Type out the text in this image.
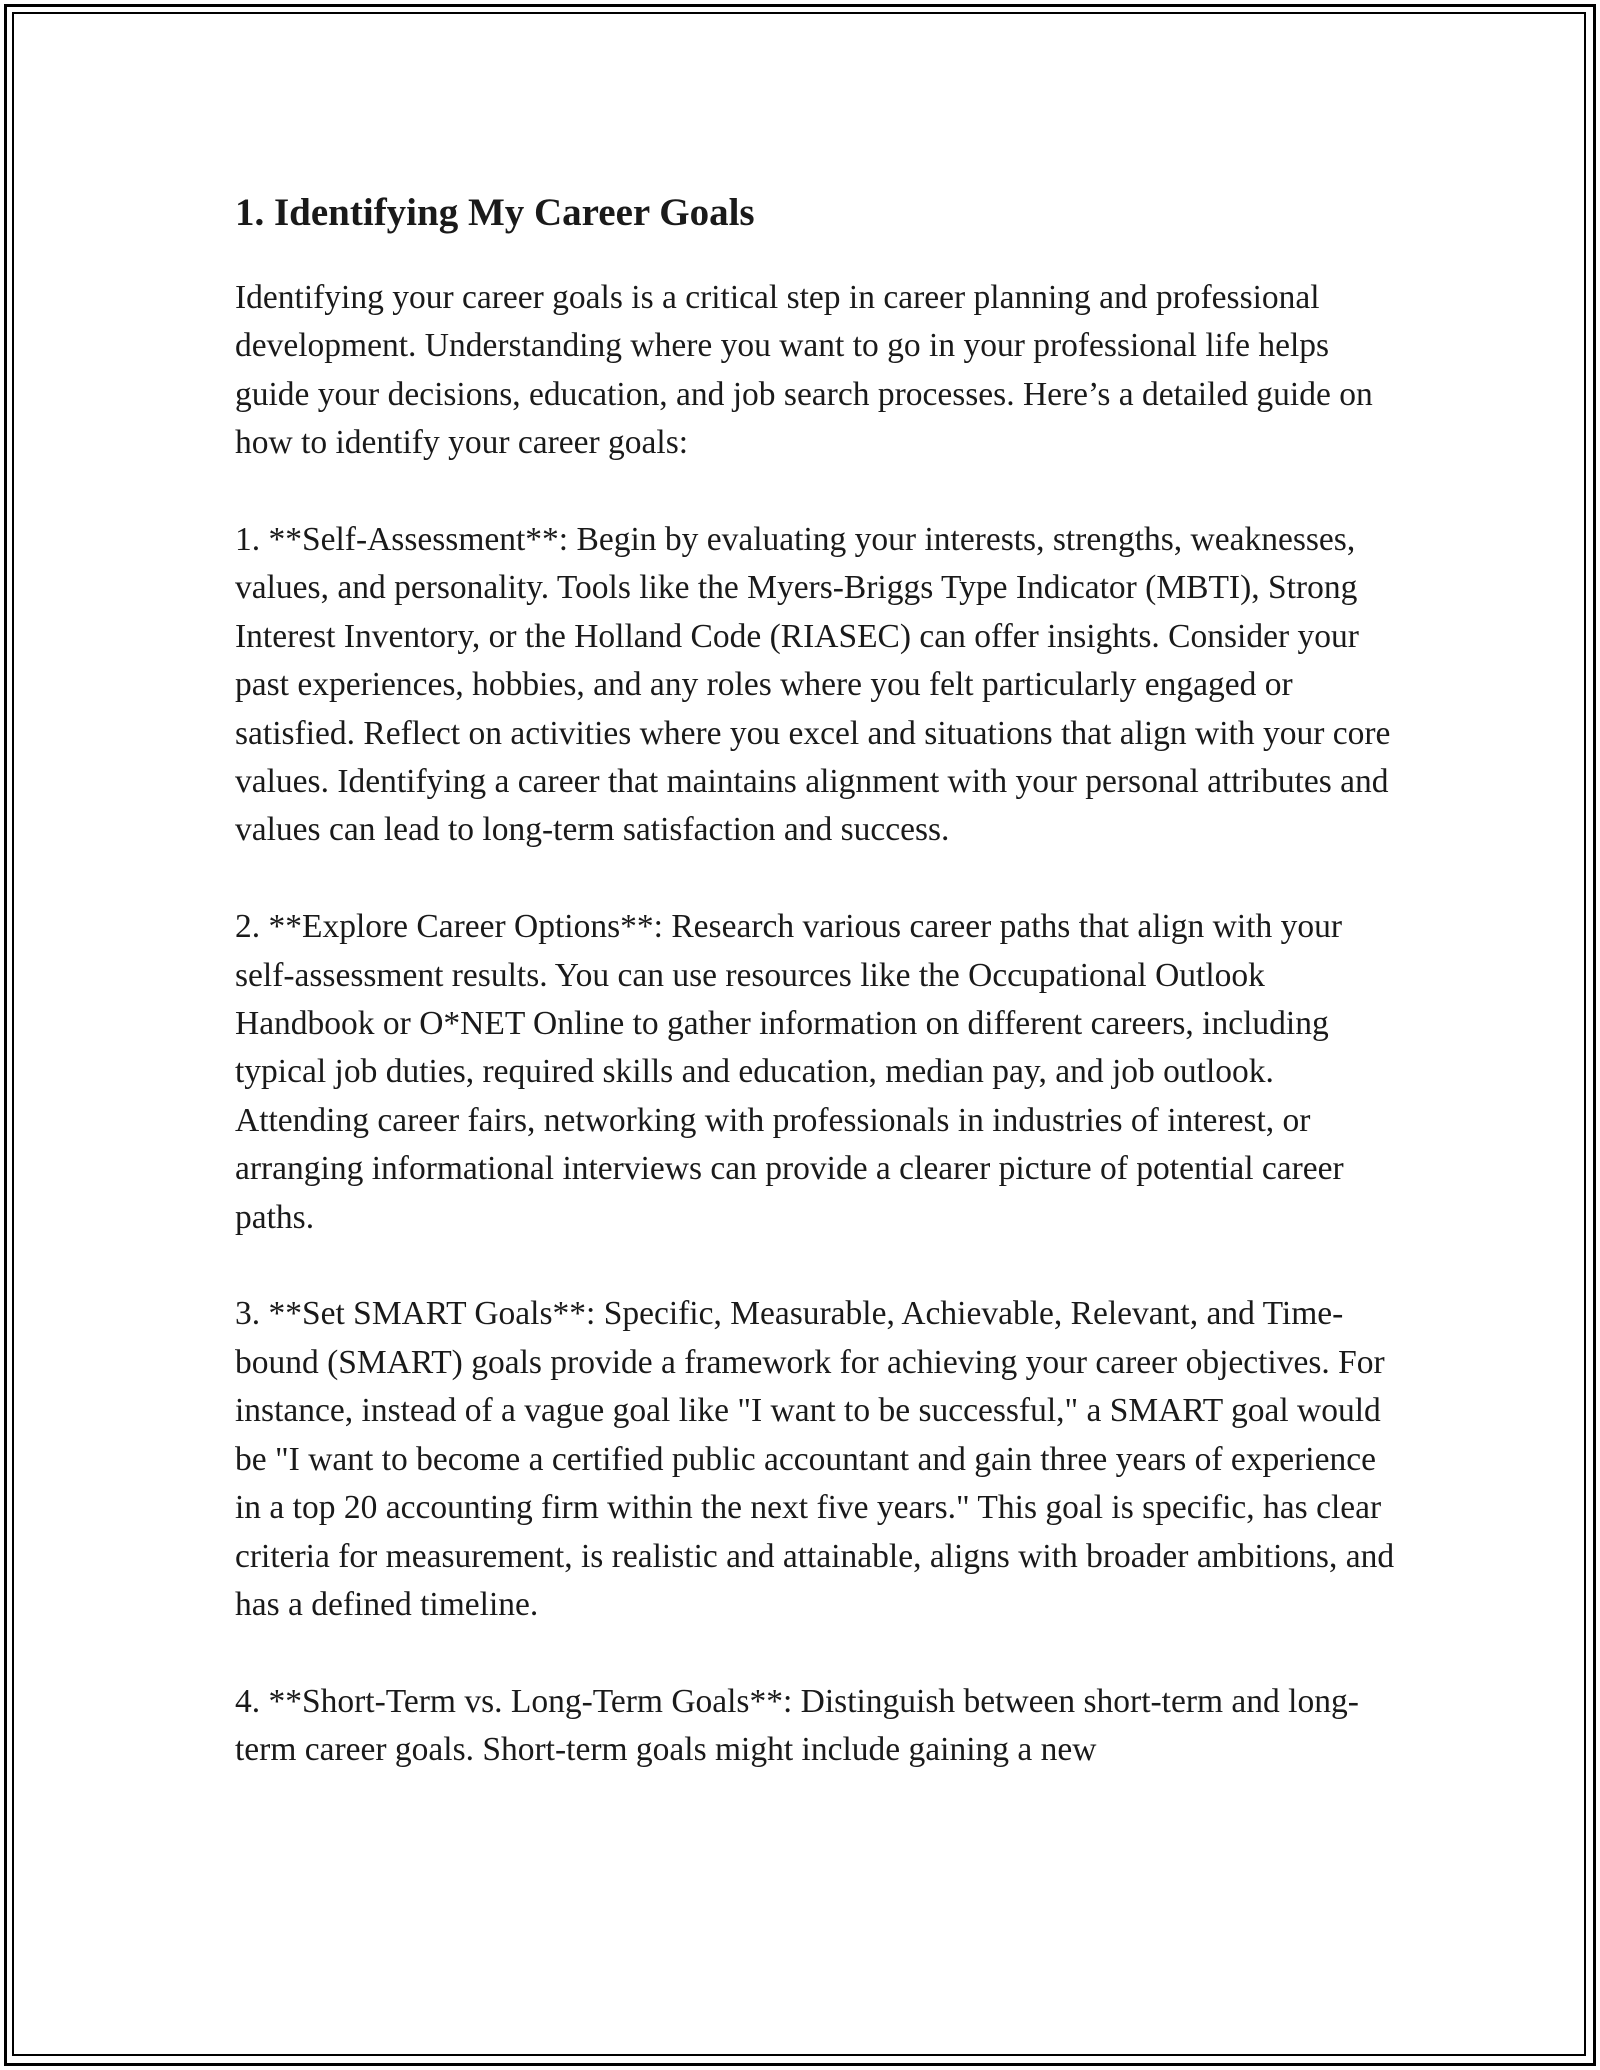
1. Identifying My Career Goals

Identifying your career goals is a critical step in career planning and professional development. Understanding where you want to go in your professional life helps guide your decisions, education, and job search processes. Here’s a detailed guide on how to identify your career goals:

1. **Self-Assessment**: Begin by evaluating your interests, strengths, weaknesses, values, and personality. Tools like the Myers-Briggs Type Indicator (MBTI), Strong Interest Inventory, or the Holland Code (RIASEC) can offer insights. Consider your past experiences, hobbies, and any roles where you felt particularly engaged or satisfied. Reflect on activities where you excel and situations that align with your core values. Identifying a career that maintains alignment with your personal attributes and values can lead to long-term satisfaction and success.

2. **Explore Career Options**: Research various career paths that align with your self-assessment results. You can use resources like the Occupational Outlook Handbook or O*NET Online to gather information on different careers, including typical job duties, required skills and education, median pay, and job outlook. Attending career fairs, networking with professionals in industries of interest, or arranging informational interviews can provide a clearer picture of potential career paths.

3. **Set SMART Goals**: Specific, Measurable, Achievable, Relevant, and Time-bound (SMART) goals provide a framework for achieving your career objectives. For instance, instead of a vague goal like "I want to be successful," a SMART goal would be "I want to become a certified public accountant and gain three years of experience in a top 20 accounting firm within the next five years." This goal is specific, has clear criteria for measurement, is realistic and attainable, aligns with broader ambitions, and has a defined timeline.

4. **Short-Term vs. Long-Term Goals**: Distinguish between short-term and long-term career goals. Short-term goals might include gaining a new
